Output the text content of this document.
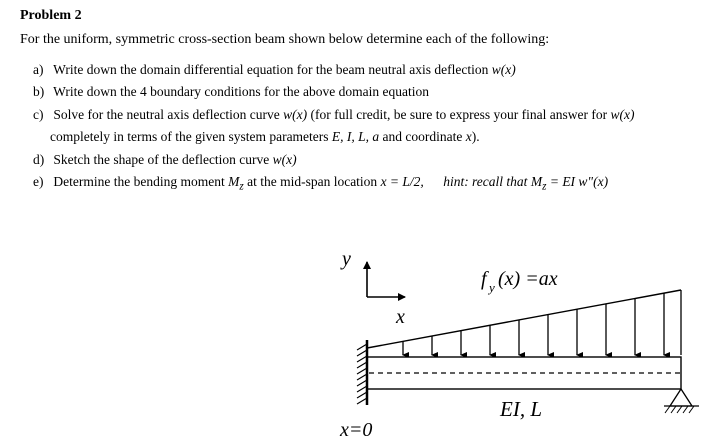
Problem 2
For the uniform, symmetric cross-section beam shown below determine each of the following:
a) Write down the domain differential equation for the beam neutral axis deflection w(x)
b) Write down the 4 boundary conditions for the above domain equation
c) Solve for the neutral axis deflection curve w(x) (for full credit, be sure to express your final answer for w(x)
completely in terms of the given system parameters E, I, L, a and coordinate x).
d) Sketch the shape of the deflection curve w(x)
e) Determine the bending moment $M_z$ at the mid-span location x = L/2, hint: recall that $M_z$ = EI w"(x)
y
x
f y (x) =ax
EI, L
x=0
